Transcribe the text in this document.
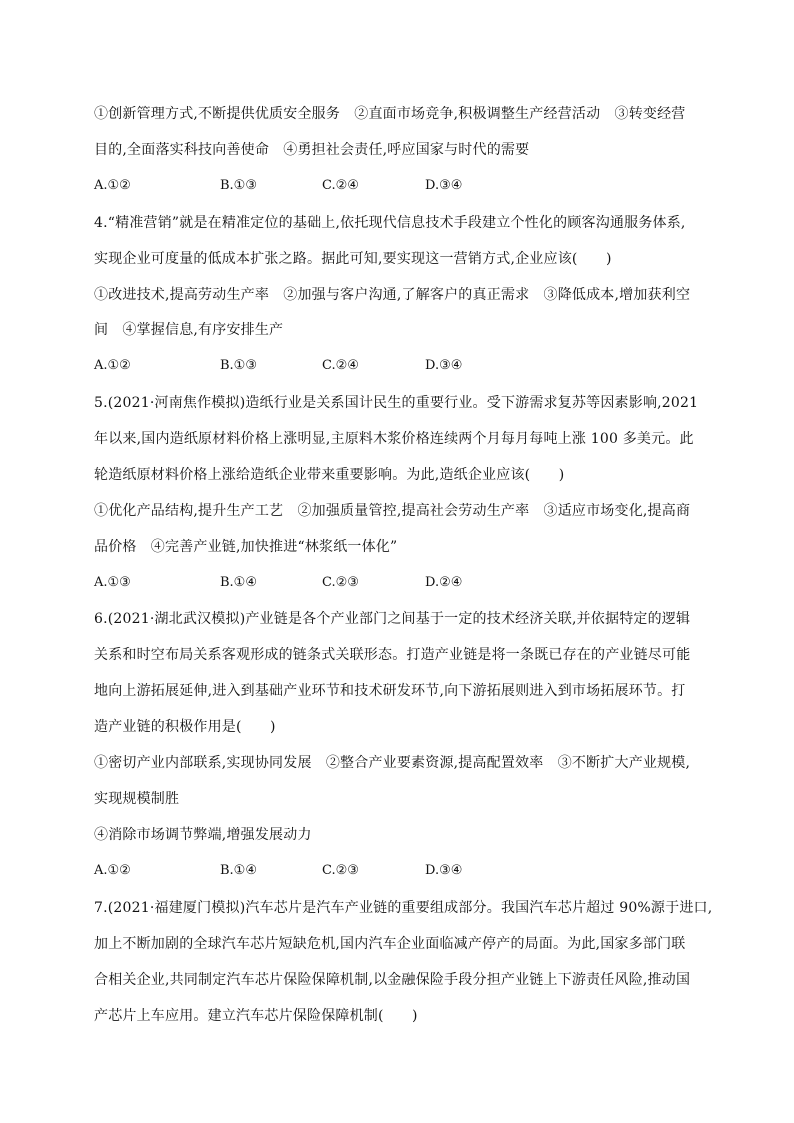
①创新管理方式,不断提供优质安全服务　②直面市场竞争,积极调整生产经营活动　③转变经营
目的,全面落实科技向善使命　④勇担社会责任,呼应国家与时代的需要
A.①②	B.①③	C.②④	D.③④
4.“精准营销”就是在精准定位的基础上,依托现代信息技术手段建立个性化的顾客沟通服务体系,
实现企业可度量的低成本扩张之路。据此可知,要实现这一营销方式,企业应该(　　)
①改进技术,提高劳动生产率　②加强与客户沟通,了解客户的真正需求　③降低成本,增加获利空
间　④掌握信息,有序安排生产
A.①②	B.①③	C.②④	D.③④
5.(2021·河南焦作模拟)造纸行业是关系国计民生的重要行业。受下游需求复苏等因素影响,2021
年以来,国内造纸原材料价格上涨明显,主原料木浆价格连续两个月每月每吨上涨 100 多美元。此
轮造纸原材料价格上涨给造纸企业带来重要影响。为此,造纸企业应该(　　)
①优化产品结构,提升生产工艺　②加强质量管控,提高社会劳动生产率　③适应市场变化,提高商
品价格　④完善产业链,加快推进“林浆纸一体化”
A.①③	B.①④	C.②③	D.②④
6.(2021·湖北武汉模拟)产业链是各个产业部门之间基于一定的技术经济关联,并依据特定的逻辑
关系和时空布局关系客观形成的链条式关联形态。打造产业链是将一条既已存在的产业链尽可能
地向上游拓展延伸,进入到基础产业环节和技术研发环节,向下游拓展则进入到市场拓展环节。打
造产业链的积极作用是(　　)
①密切产业内部联系,实现协同发展　②整合产业要素资源,提高配置效率　③不断扩大产业规模,
实现规模制胜
④消除市场调节弊端,增强发展动力
A.①②	B.①④	C.②③	D.③④
7.(2021·福建厦门模拟)汽车芯片是汽车产业链的重要组成部分。我国汽车芯片超过 90%源于进口,
加上不断加剧的全球汽车芯片短缺危机,国内汽车企业面临减产停产的局面。为此,国家多部门联
合相关企业,共同制定汽车芯片保险保障机制,以金融保险手段分担产业链上下游责任风险,推动国
产芯片上车应用。建立汽车芯片保险保障机制(　　)
